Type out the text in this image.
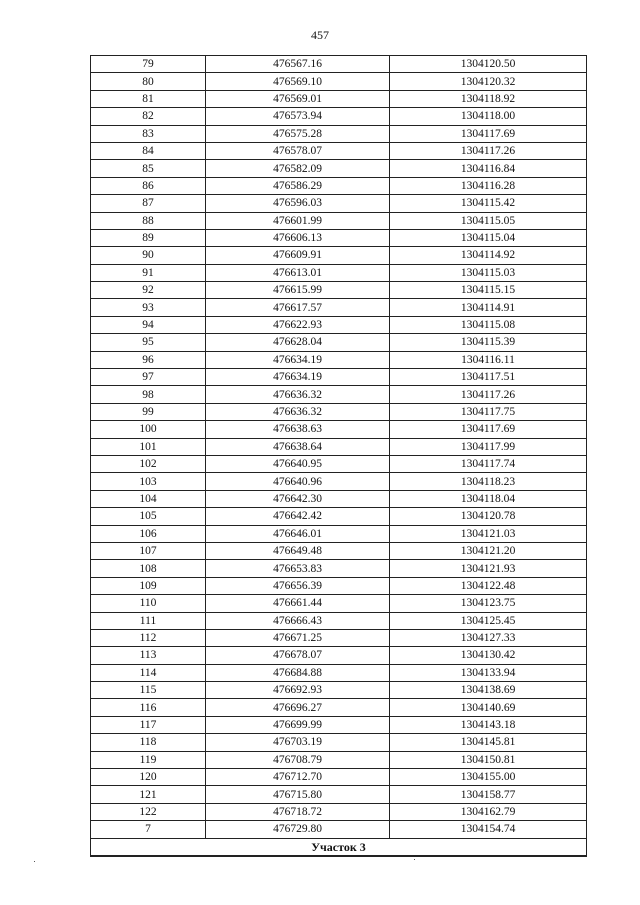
457
79	476567.16	1304120.50
80	476569.10	1304120.32
81	476569.01	1304118.92
82	476573.94	1304118.00
83	476575.28	1304117.69
84	476578.07	1304117.26
85	476582.09	1304116.84
86	476586.29	1304116.28
87	476596.03	1304115.42
88	476601.99	1304115.05
89	476606.13	1304115.04
90	476609.91	1304114.92
91	476613.01	1304115.03
92	476615.99	1304115.15
93	476617.57	1304114.91
94	476622.93	1304115.08
95	476628.04	1304115.39
96	476634.19	1304116.11
97	476634.19	1304117.51
98	476636.32	1304117.26
99	476636.32	1304117.75
100	476638.63	1304117.69
101	476638.64	1304117.99
102	476640.95	1304117.74
103	476640.96	1304118.23
104	476642.30	1304118.04
105	476642.42	1304120.78
106	476646.01	1304121.03
107	476649.48	1304121.20
108	476653.83	1304121.93
109	476656.39	1304122.48
110	476661.44	1304123.75
111	476666.43	1304125.45
112	476671.25	1304127.33
113	476678.07	1304130.42
114	476684.88	1304133.94
115	476692.93	1304138.69
116	476696.27	1304140.69
117	476699.99	1304143.18
118	476703.19	1304145.81
119	476708.79	1304150.81
120	476712.70	1304155.00
121	476715.80	1304158.77
122	476718.72	1304162.79
7	476729.80	1304154.74
Участок 3		
